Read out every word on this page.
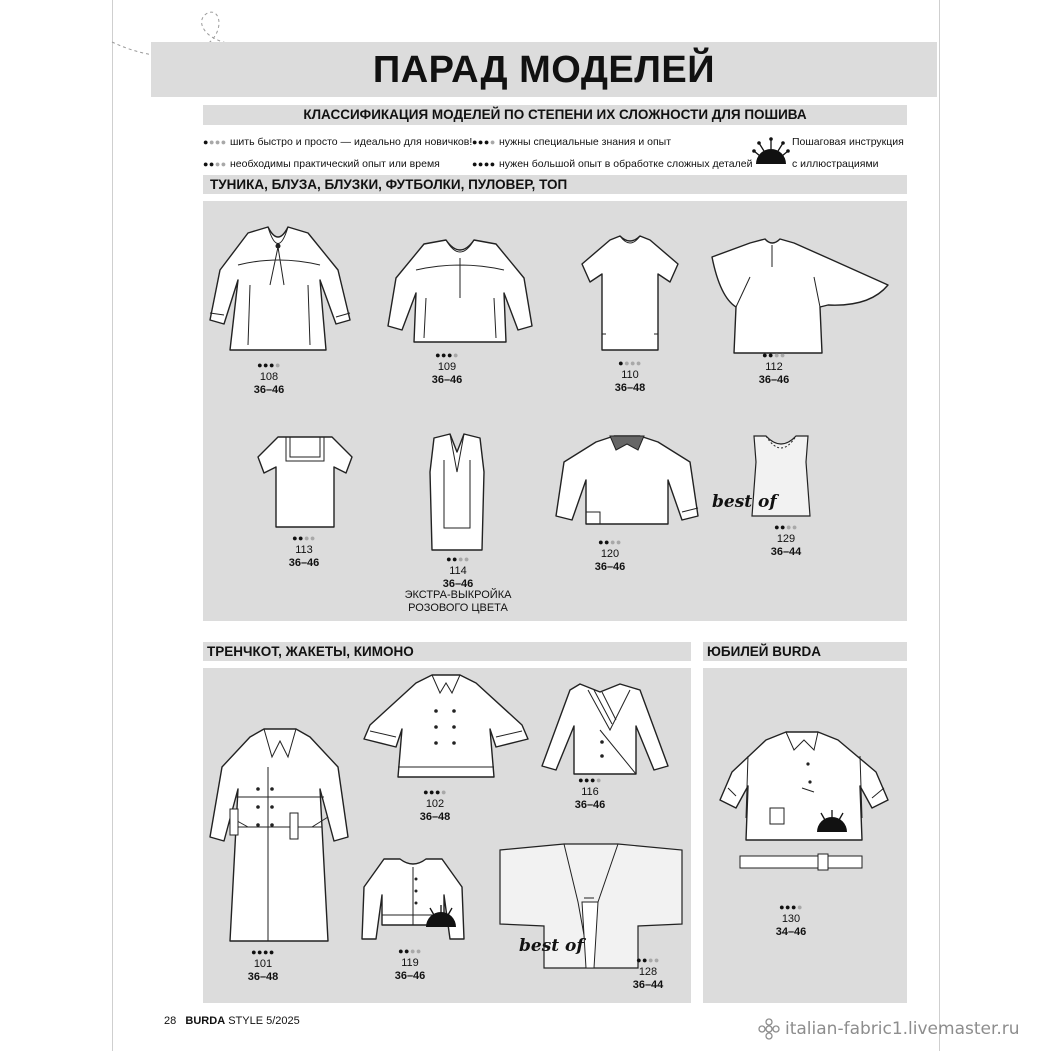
ПАРАД МОДЕЛЕЙ
КЛАССИФИКАЦИЯ МОДЕЛЕЙ ПО СТЕПЕНИ ИХ СЛОЖНОСТИ ДЛЯ ПОШИВА
●●●● шить быстро и просто — идеально для новичков!
●●●● необходимы практический опыт или время
●●●● нужны специальные знания и опыт
●●●● нужен большой опыт в обработке сложных деталей
Пошаговая инструкция
с иллюстрациями
ТУНИКА, БЛУЗА, БЛУЗКИ, ФУТБОЛКИ, ПУЛОВЕР, ТОП
●●●●
108
36–46
●●●●
109
36–46
●●●●
110
36–48
●●●●
112
36–46
●●●●
113
36–46	●●●●
114
36–46
ЭКСТРА-ВЫКРОЙКА
РОЗОВОГО ЦВЕТА
●●●●
120
36–46
best of
●●●●
129
36–44
ТРЕНЧКОТ, ЖАКЕТЫ, КИМОНО	ЮБИЛЕЙ BURDA
●●●●
101
36–48
●●●●
102
36–48
●●●●
116
36–46
●●●●
119
36–46
best of
●●●●
128
36–44
●●●●
130
34–46
28 BURDA STYLE 5/2025	italian-fabric1.livemaster.ru
